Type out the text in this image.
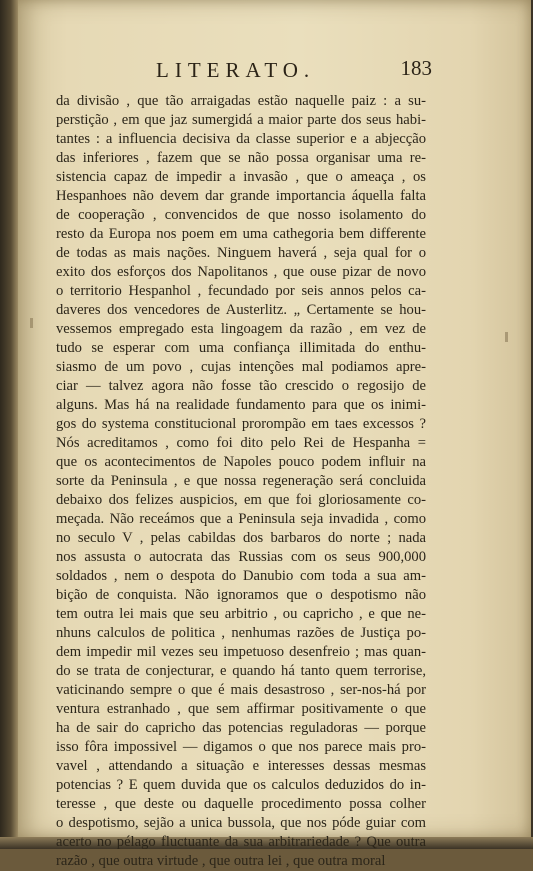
LITERATO.	183
da divisão , que tão arraigadas estão naquelle paiz : a su-
perstição , em que jaz sumergidá a maior parte dos seus habi-
tantes : a influencia decisiva da classe superior e a abjecção
das inferiores , fazem que se não possa organisar uma re-
sistencia capaz de impedir a invasão , que o ameaça , os
Hespanhoes não devem dar grande importancia áquella falta
de cooperação , convencidos de que nosso isolamento do
resto da Europa nos poem em uma cathegoria bem differente
de todas as mais nações. Ninguem haverá , seja qual for o
exito dos esforços dos Napolitanos , que ouse pizar de novo
o territorio Hespanhol , fecundado por seis annos pelos ca-
daveres dos vencedores de Austerlitz. „ Certamente se hou-
vessemos empregado esta lingoagem da razão , em vez de
tudo se esperar com uma confiança illimitada do enthu-
siasmo de um povo , cujas intenções mal podiamos apre-
ciar — talvez agora não fosse tão crescido o regosijo de
alguns. Mas há na realidade fundamento para que os inimi-
gos do systema constitucional prorompão em taes excessos ?
Nós acreditamos , como foi dito pelo Rei de Hespanha =
que os acontecimentos de Napoles pouco podem influir na
sorte da Peninsula , e que nossa regeneração será concluida
debaixo dos felizes auspicios, em que foi gloriosamente co-
meçada. Não receámos que a Peninsula seja invadida , como
no seculo V , pelas cabildas dos barbaros do norte ; nada
nos assusta o autocrata das Russias com os seus 900,000
soldados , nem o despota do Danubio com toda a sua am-
bição de conquista. Não ignoramos que o despotismo não
tem outra lei mais que seu arbitrio , ou capricho , e que ne-
nhuns calculos de politica , nenhumas razões de Justiça po-
dem impedir mil vezes seu impetuoso desenfreio ; mas quan-
do se trata de conjecturar, e quando há tanto quem terrorise,
vaticinando sempre o que é mais desastroso , ser-nos-há por
ventura estranhado , que sem affirmar positivamente o que
ha de sair do capricho das potencias reguladoras — porque
isso fôra impossivel — digamos o que nos parece mais pro-
vavel , attendando a situação e interesses dessas mesmas
potencias ? E quem duvida que os calculos deduzidos do in-
teresse , que deste ou daquelle procedimento possa colher
o despotismo, sejão a unica bussola, que nos póde guiar com
acerto no pélago fluctuante da sua arbitrariedade ? Que outra
razão , que outra virtude , que outra lei , que outra moral
